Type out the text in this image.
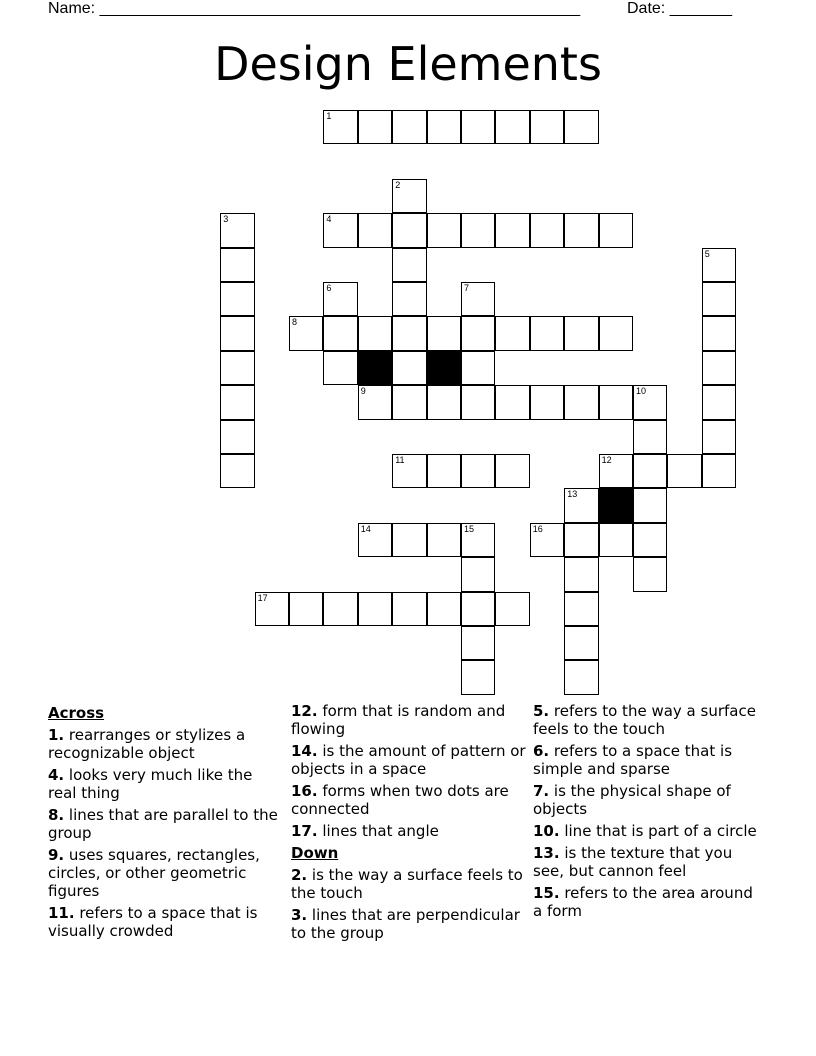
Name: ______________________________________________________	Date: _______
Design Elements
1
2
3	4
5
6	7
8
9	10
11	12
13
14	15	16
17
Across
1. rearranges or stylizes a recognizable object
4. looks very much like the real thing
8. lines that are parallel to the group
9. uses squares, rectangles, circles, or other geometric figures
11. refers to a space that is visually crowded
12. form that is random and flowing
14. is the amount of pattern or objects in a space
16. forms when two dots are connected
17. lines that angle
Down
2. is the way a surface feels to the touch
3. lines that are perpendicular to the group
5. refers to the way a surface feels to the touch
6. refers to a space that is simple and sparse
7. is the physical shape of objects
10. line that is part of a circle
13. is the texture that you see, but cannon feel
15. refers to the area around a form
